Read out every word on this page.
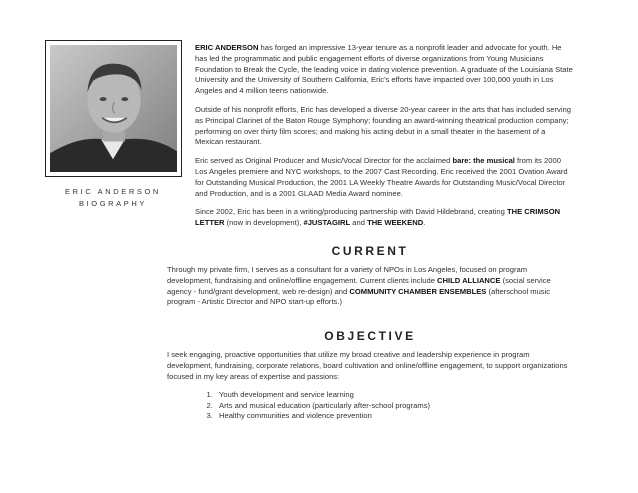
ERIC ANDERSON
BIOGRAPHY

ERIC ANDERSON has forged an impressive 13-year tenure as a nonprofit leader and advocate for youth. He has led the programmatic and public engagement efforts of diverse organizations from Young Musicians Foundation to Break the Cycle, the leading voice in dating violence prevention. A graduate of the Louisiana State University and the University of Southern California, Eric's efforts have impacted over 100,000 youth in Los Angeles and 4 million teens nationwide.

Outside of his nonprofit efforts, Eric has developed a diverse 20-year career in the arts that has included serving as Principal Clarinet of the Baton Rouge Symphony; founding an award-winning theatrical production company; performing on over thirty film scores; and making his acting debut in a small theater in the basement of a Mexican restaurant.

Eric served as Original Producer and Music/Vocal Director for the acclaimed bare: the musical from its 2000 Los Angeles premiere and NYC workshops, to the 2007 Cast Recording. Eric received the 2001 Ovation Award for Outstanding Musical Production, the 2001 LA Weekly Theatre Awards for Outstanding Music/Vocal Director and Production, and is a 2001 GLAAD Media Award nominee.

Since 2002, Eric has been in a writing/producing partnership with David Hildebrand, creating THE CRIMSON LETTER (now in development), #JUSTAGIRL and THE WEEKEND.

CURRENT

Through my private firm, I serves as a consultant for a variety of NPOs in Los Angeles, focused on program development, fundraising and online/offline engagement. Current clients include CHILD ALLIANCE (social service agency - fund/grant development, web re-design) and COMMUNITY CHAMBER ENSEMBLES (afterschool music program - Artistic Director and NPO start-up efforts.)

OBJECTIVE

I seek engaging, proactive opportunities that utilize my broad creative and leadership experience in program development, fundraising, corporate relations, board cultivation and online/offline engagement, to support organizations focused in my key areas of expertise and passions:

1. Youth development and service learning
2. Arts and musical education (particularly after-school programs)
3. Healthy communities and violence prevention
